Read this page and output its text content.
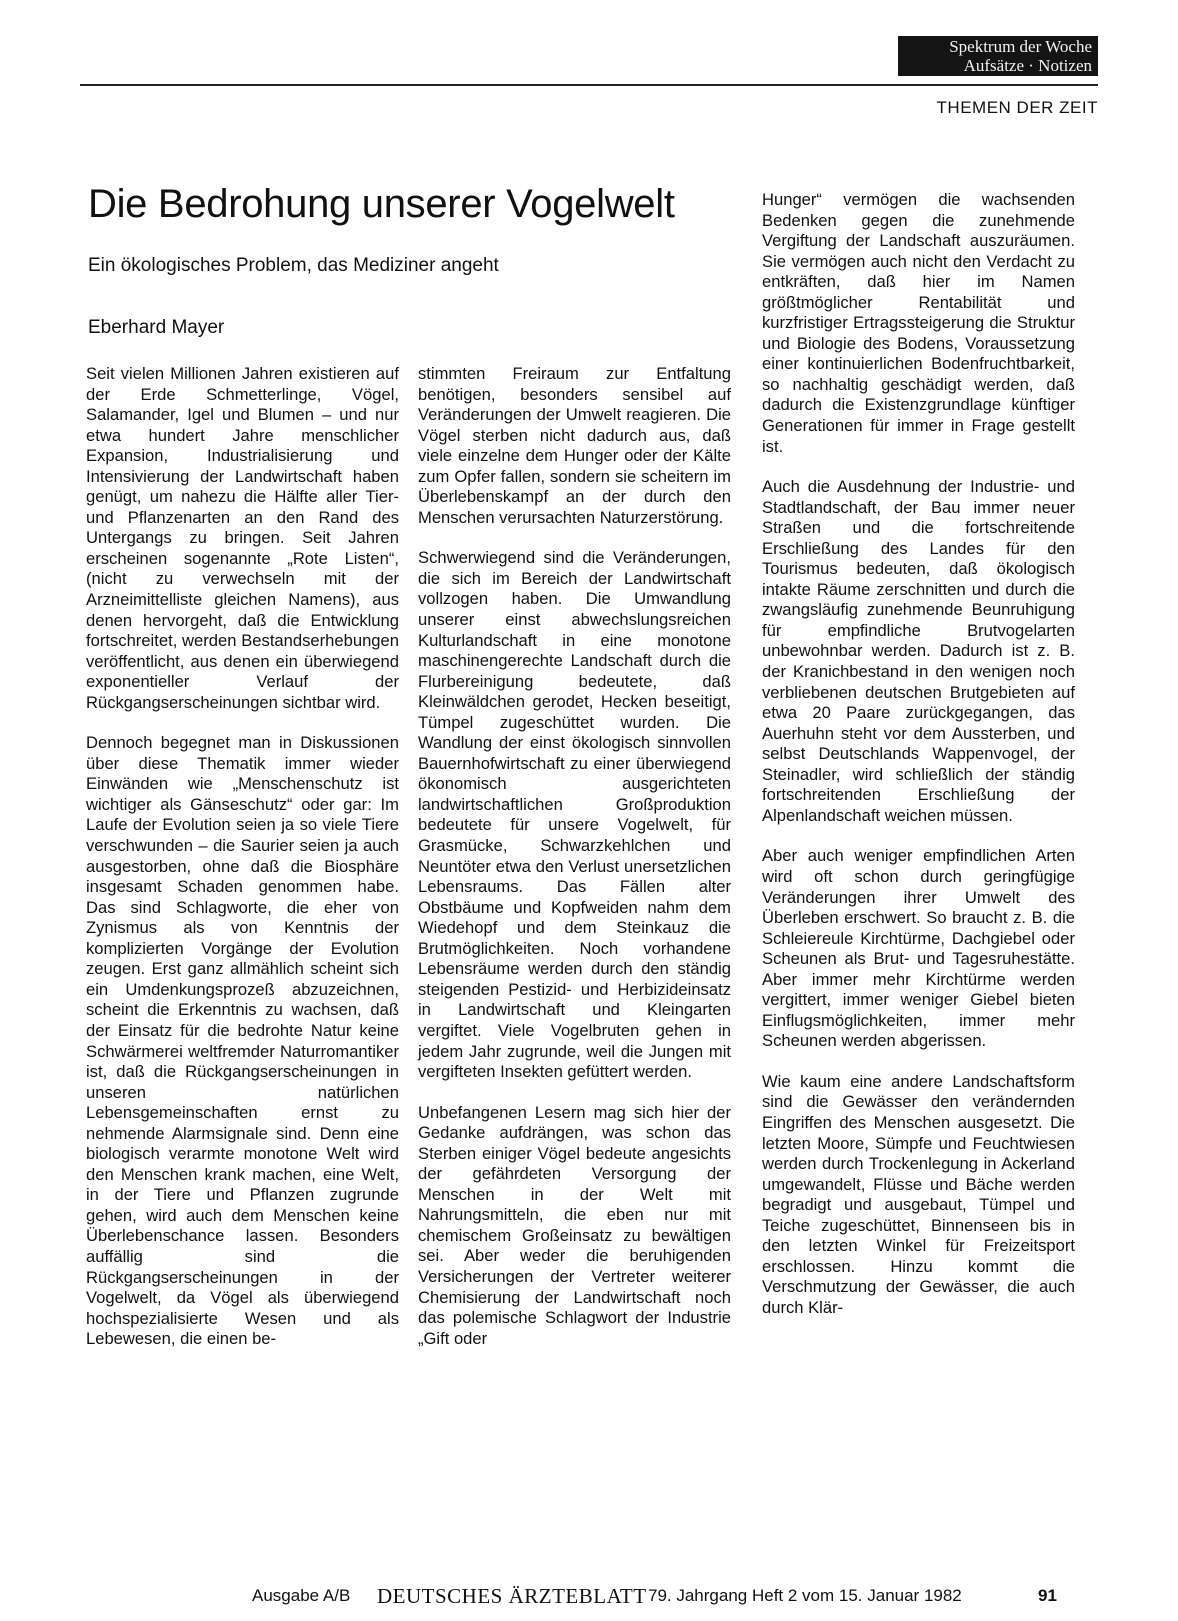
Spektrum der Woche
Aufsätze · Notizen
THEMEN DER ZEIT
Die Bedrohung unserer Vogelwelt
Ein ökologisches Problem, das Mediziner angeht
Eberhard Mayer

Seit vielen Millionen Jahren existieren auf der Erde Schmetterlinge, Vögel, Salamander, Igel und Blumen – und nur etwa hundert Jahre menschlicher Expansion, Industrialisierung und Intensivierung der Landwirtschaft haben genügt, um nahezu die Hälfte aller Tier- und Pflanzenarten an den Rand des Untergangs zu bringen. Seit Jahren erscheinen sogenannte „Rote Listen“, (nicht zu verwechseln mit der Arzneimittelliste gleichen Namens), aus denen hervorgeht, daß die Entwicklung fortschreitet, werden Bestandserhebungen veröffentlicht, aus denen ein überwiegend exponentieller Verlauf der Rückgangserscheinungen sichtbar wird.

Dennoch begegnet man in Diskussionen über diese Thematik immer wieder Einwänden wie „Menschenschutz ist wichtiger als Gänseschutz“ oder gar: Im Laufe der Evolution seien ja so viele Tiere verschwunden – die Saurier seien ja auch ausgestorben, ohne daß die Biosphäre insgesamt Schaden genommen habe. Das sind Schlagworte, die eher von Zynismus als von Kenntnis der komplizierten Vorgänge der Evolution zeugen. Erst ganz allmählich scheint sich ein Umdenkungsprozeß abzuzeichnen, scheint die Erkenntnis zu wachsen, daß der Einsatz für die bedrohte Natur keine Schwärmerei weltfremder Naturromantiker ist, daß die Rückgangserscheinungen in unseren natürlichen Lebensgemeinschaften ernst zu nehmende Alarmsignale sind. Denn eine biologisch verarmte monotone Welt wird den Menschen krank machen, eine Welt, in der Tiere und Pflanzen zugrunde gehen, wird auch dem Menschen keine Überlebenschance lassen. Besonders auffällig sind die Rückgangserscheinungen in der Vogelwelt, da Vögel als überwiegend hochspezialisierte Wesen und als Lebewesen, die einen be-

stimmten Freiraum zur Entfaltung benötigen, besonders sensibel auf Veränderungen der Umwelt reagieren. Die Vögel sterben nicht dadurch aus, daß viele einzelne dem Hunger oder der Kälte zum Opfer fallen, sondern sie scheitern im Überlebenskampf an der durch den Menschen verursachten Naturzerstörung.

Schwerwiegend sind die Veränderungen, die sich im Bereich der Landwirtschaft vollzogen haben. Die Umwandlung unserer einst abwechslungsreichen Kulturlandschaft in eine monotone maschinengerechte Landschaft durch die Flurbereinigung bedeutete, daß Kleinwäldchen gerodet, Hecken beseitigt, Tümpel zugeschüttet wurden. Die Wandlung der einst ökologisch sinnvollen Bauernhofwirtschaft zu einer überwiegend ökonomisch ausgerichteten landwirtschaftlichen Großproduktion bedeutete für unsere Vogelwelt, für Grasmücke, Schwarzkehlchen und Neuntöter etwa den Verlust unersetzlichen Lebensraums. Das Fällen alter Obstbäume und Kopfweiden nahm dem Wiedehopf und dem Steinkauz die Brutmöglichkeiten. Noch vorhandene Lebensräume werden durch den ständig steigenden Pestizid- und Herbizideinsatz in Landwirtschaft und Kleingarten vergiftet. Viele Vogelbruten gehen in jedem Jahr zugrunde, weil die Jungen mit vergifteten Insekten gefüttert werden.

Unbefangenen Lesern mag sich hier der Gedanke aufdrängen, was schon das Sterben einiger Vögel bedeute angesichts der gefährdeten Versorgung der Menschen in der Welt mit Nahrungsmitteln, die eben nur mit chemischem Großeinsatz zu bewältigen sei. Aber weder die beruhigenden Versicherungen der Vertreter weiterer Chemisierung der Landwirtschaft noch das polemische Schlagwort der Industrie „Gift oder

Hunger“ vermögen die wachsenden Bedenken gegen die zunehmende Vergiftung der Landschaft auszuräumen. Sie vermögen auch nicht den Verdacht zu entkräften, daß hier im Namen größtmöglicher Rentabilität und kurzfristiger Ertragssteigerung die Struktur und Biologie des Bodens, Voraussetzung einer kontinuierlichen Bodenfruchtbarkeit, so nachhaltig geschädigt werden, daß dadurch die Existenzgrundlage künftiger Generationen für immer in Frage gestellt ist.

Auch die Ausdehnung der Industrie- und Stadtlandschaft, der Bau immer neuer Straßen und die fortschreitende Erschließung des Landes für den Tourismus bedeuten, daß ökologisch intakte Räume zerschnitten und durch die zwangsläufig zunehmende Beunruhigung für empfindliche Brutvogelarten unbewohnbar werden. Dadurch ist z. B. der Kranichbestand in den wenigen noch verbliebenen deutschen Brutgebieten auf etwa 20 Paare zurückgegangen, das Auerhuhn steht vor dem Aussterben, und selbst Deutschlands Wappenvogel, der Steinadler, wird schließlich der ständig fortschreitenden Erschließung der Alpenlandschaft weichen müssen.

Aber auch weniger empfindlichen Arten wird oft schon durch geringfügige Veränderungen ihrer Umwelt des Überleben erschwert. So braucht z. B. die Schleiereule Kirchtürme, Dachgiebel oder Scheunen als Brut- und Tagesruhestätte. Aber immer mehr Kirchtürme werden vergittert, immer weniger Giebel bieten Einflugsmöglichkeiten, immer mehr Scheunen werden abgerissen.

Wie kaum eine andere Landschaftsform sind die Gewässer den verändernden Eingriffen des Menschen ausgesetzt. Die letzten Moore, Sümpfe und Feuchtwiesen werden durch Trockenlegung in Ackerland umgewandelt, Flüsse und Bäche werden begradigt und ausgebaut, Tümpel und Teiche zugeschüttet, Binnenseen bis in den letzten Winkel für Freizeitsport erschlossen. Hinzu kommt die Verschmutzung der Gewässer, die auch durch Klär-

Ausgabe A/B DEUTSCHES ÄRZTEBLATT 79. Jahrgang Heft 2 vom 15. Januar 1982	91
